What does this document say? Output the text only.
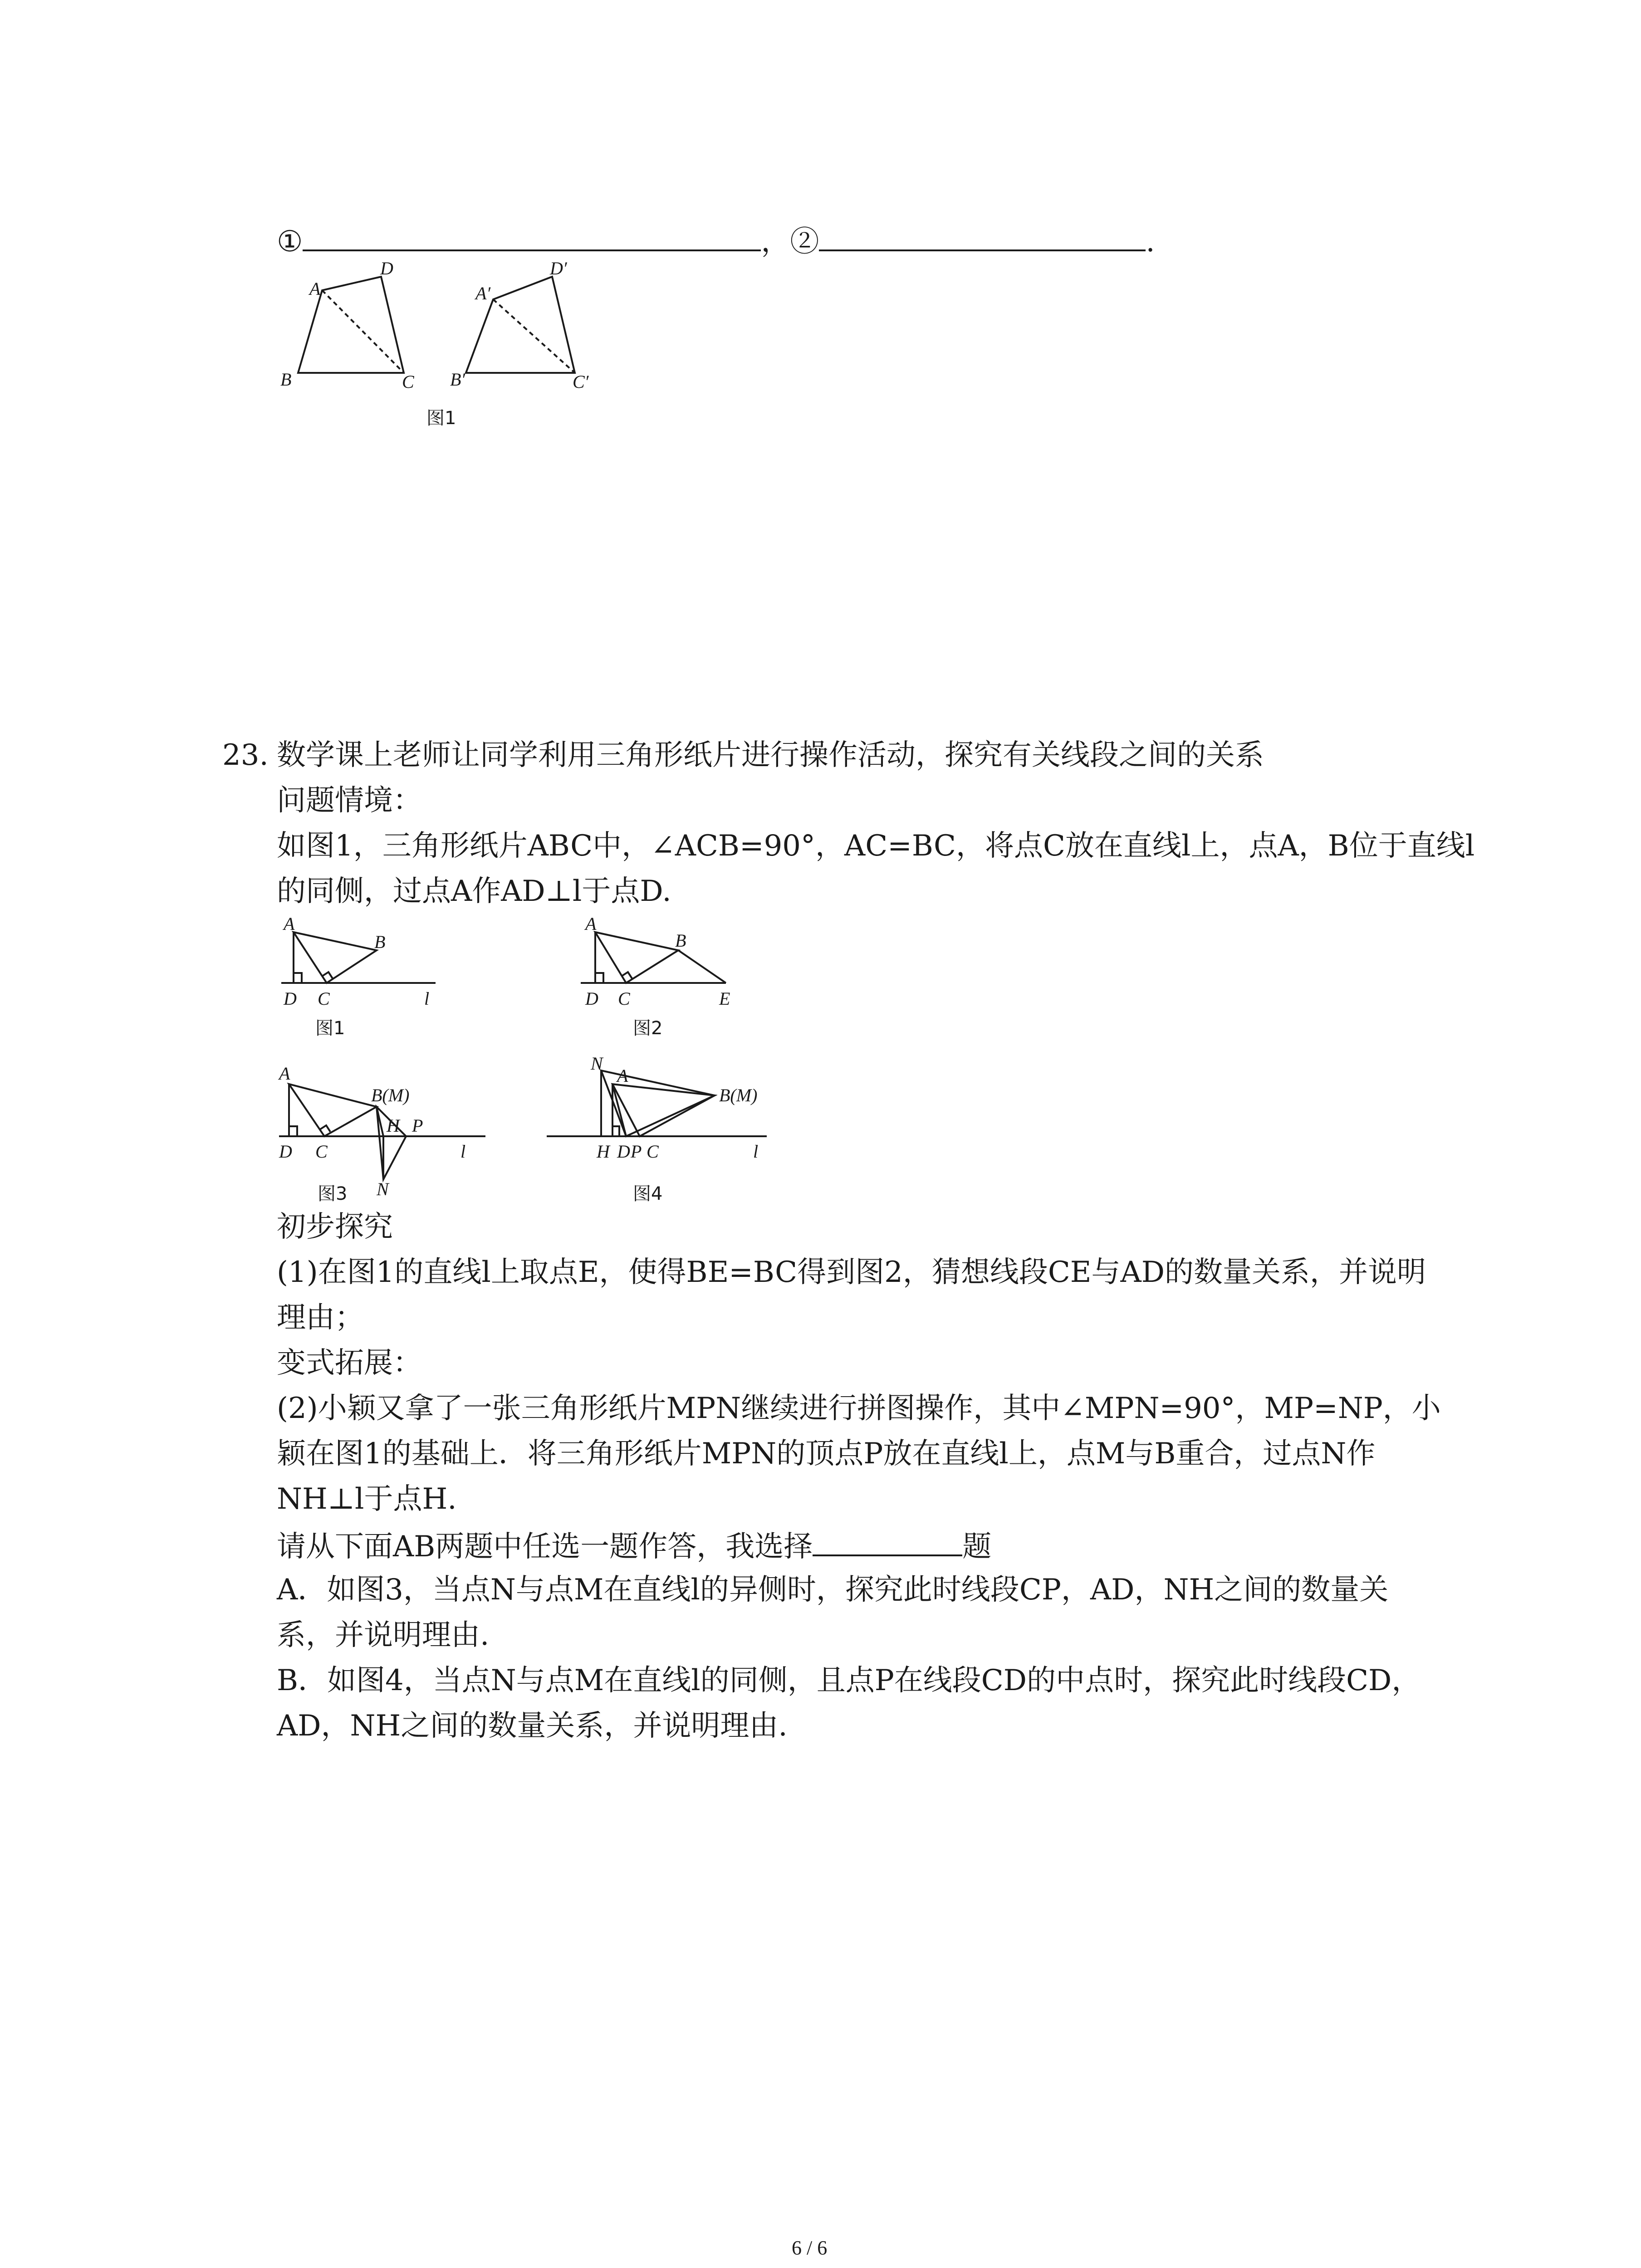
①	，②	.
A
D
B	C
A′
D′
B′	C′
图1
23. 数学课上老师让同学利用三角形纸片进行操作活动，探究有关线段之间的关系
问题情境：
如图1，三角形纸片ABC中，∠ACB=90°，AC=BC，将点C放在直线l上，点A，B位于直线l
的同侧，过点A作AD⊥l于点D.
A
B
D C	l
A
B
D C	E
图1	图2
A
B(M)
H P
N
D C	l
N
A
B(M)
H D P C	l
图3	图4
初步探究
(1)在图1的直线l上取点E，使得BE=BC得到图2，猜想线段CE与AD的数量关系，并说明
理由；
变式拓展：
(2)小颖又拿了一张三角形纸片MPN继续进行拼图操作，其中∠MPN=90°，MP=NP，小
颖在图1的基础上．将三角形纸片MPN的顶点P放在直线l上，点M与B重合，过点N作
NH⊥l于点H.
请从下面AB两题中任选一题作答，我选择	题
A．如图3，当点N与点M在直线l的异侧时，探究此时线段CP，AD，NH之间的数量关
系，并说明理由.
B．如图4，当点N与点M在直线l的同侧，且点P在线段CD的中点时，探究此时线段CD，
AD，NH之间的数量关系，并说明理由.
6 / 6
